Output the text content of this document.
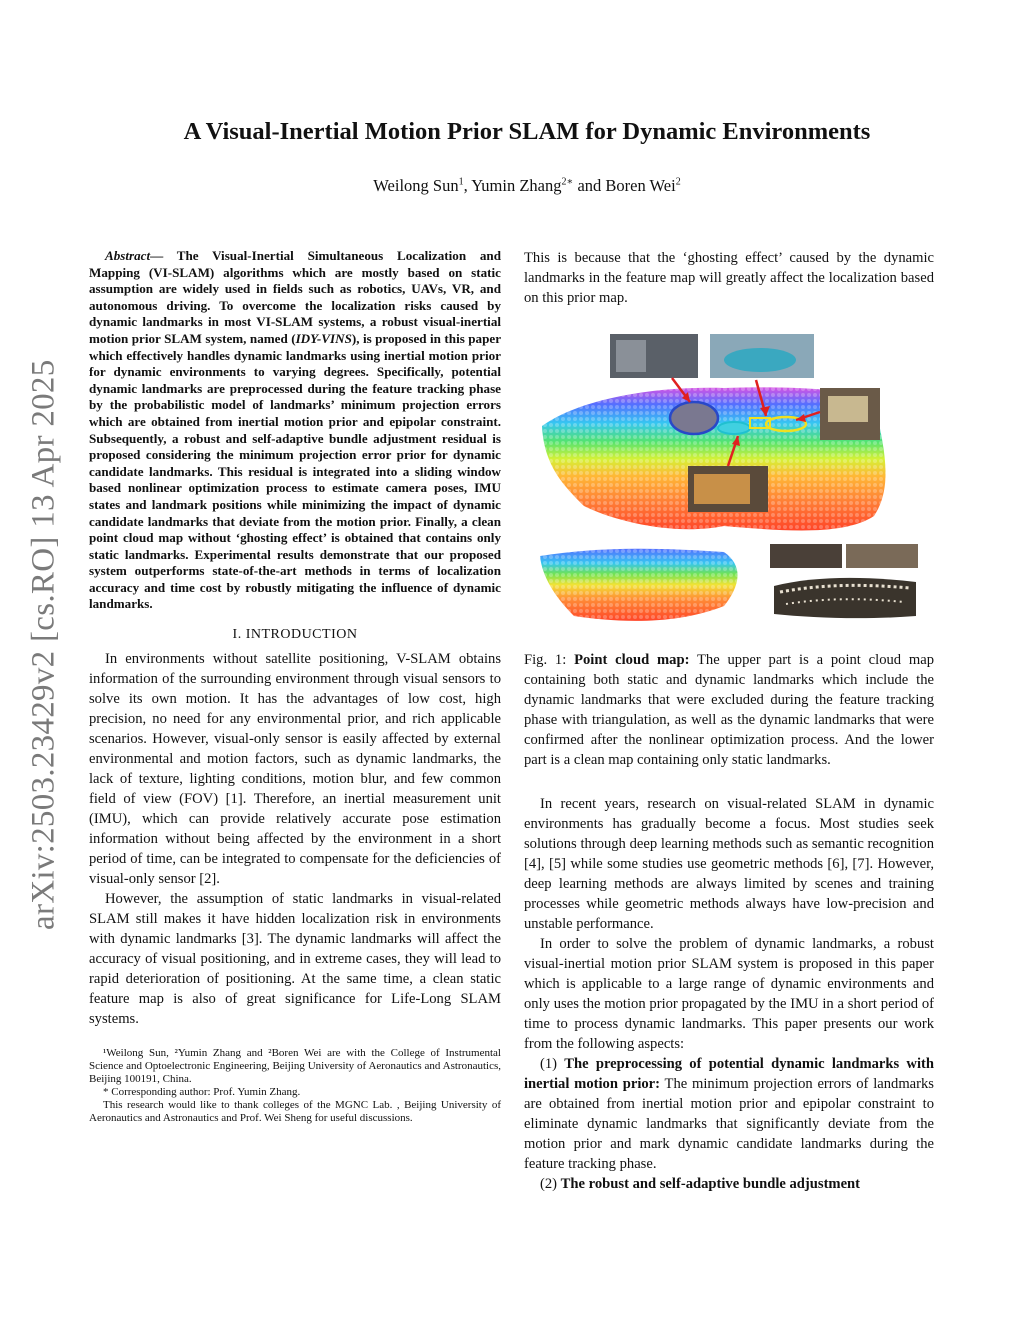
arXiv:2503.23429v2 [cs.RO] 13 Apr 2025
A Visual-Inertial Motion Prior SLAM for Dynamic Environments
Weilong Sun$^1$, Yumin Zhang$^{2∗}$ and Boren Wei$^2$

Abstract— The Visual-Inertial Simultaneous Localization and Mapping (VI-SLAM) algorithms which are mostly based on static assumption are widely used in fields such as robotics, UAVs, VR, and autonomous driving. To overcome the localization risks caused by dynamic landmarks in most VI-SLAM systems, a robust visual-inertial motion prior SLAM system, named (IDY-VINS), is proposed in this paper which effectively handles dynamic landmarks using inertial motion prior for dynamic environments to varying degrees. Specifically, potential dynamic landmarks are preprocessed during the feature tracking phase by the probabilistic model of landmarks’ minimum projection errors which are obtained from inertial motion prior and epipolar constraint. Subsequently, a robust and self-adaptive bundle adjustment residual is proposed considering the minimum projection error prior for dynamic candidate landmarks. This residual is integrated into a sliding window based nonlinear optimization process to estimate camera poses, IMU states and landmark positions while minimizing the impact of dynamic candidate landmarks that deviate from the motion prior. Finally, a clean point cloud map without ‘ghosting effect’ is obtained that contains only static landmarks. Experimental results demonstrate that our proposed system outperforms state-of-the-art methods in terms of localization accuracy and time cost by robustly mitigating the influence of dynamic landmarks.

I. INTRODUCTION

In environments without satellite positioning, V-SLAM obtains information of the surrounding environment through visual sensors to solve its own motion. It has the advantages of low cost, high precision, no need for any environmental prior, and rich applicable scenarios. However, visual-only sensor is easily affected by external environmental and motion factors, such as dynamic landmarks, the lack of texture, lighting conditions, motion blur, and few common field of view (FOV) [1]. Therefore, an inertial measurement unit (IMU), which can provide relatively accurate pose estimation information without being affected by the environment in a short period of time, can be integrated to compensate for the deficiencies of visual-only sensor [2].

However, the assumption of static landmarks in visual-related SLAM still makes it have hidden localization risk in environments with dynamic landmarks [3]. The dynamic landmarks will affect the accuracy of visual positioning, and in extreme cases, they will lead to rapid deterioration of positioning. At the same time, a clean static feature map is also of great significance for Life-Long SLAM systems.

¹Weilong Sun, ²Yumin Zhang and ²Boren Wei are with the College of Instrumental Science and Optoelectronic Engineering, Beijing University of Aeronautics and Astronautics, Beijing 100191, China.

* Corresponding author: Prof. Yumin Zhang.

This research would like to thank colleges of the MGNC Lab. , Beijing University of Aeronautics and Astronautics and Prof. Wei Sheng for useful discussions.

This is because that the ‘ghosting effect’ caused by the dynamic landmarks in the feature map will greatly affect the localization based on this prior map.

Fig. 1: Point cloud map: The upper part is a point cloud map containing both static and dynamic landmarks which include the dynamic landmarks that were excluded during the feature tracking phase with triangulation, as well as the dynamic landmarks that were confirmed after the nonlinear optimization process. And the lower part is a clean map containing only static landmarks.

In recent years, research on visual-related SLAM in dynamic environments has gradually become a focus. Most studies seek solutions through deep learning methods such as semantic recognition [4], [5] while some studies use geometric methods [6], [7]. However, deep learning methods are always limited by scenes and training processes while geometric methods always have low-precision and unstable performance.

In order to solve the problem of dynamic landmarks, a robust visual-inertial motion prior SLAM system is proposed in this paper which is applicable to a large range of dynamic environments and only uses the motion prior propagated by the IMU in a short period of time to process dynamic landmarks. This paper presents our work from the following aspects:

(1) The preprocessing of potential dynamic landmarks with inertial motion prior: The minimum projection errors of landmarks are obtained from inertial motion prior and epipolar constraint to eliminate dynamic landmarks that significantly deviate from the motion prior and mark dynamic candidate landmarks during the feature tracking phase.

(2) The robust and self-adaptive bundle adjustment
